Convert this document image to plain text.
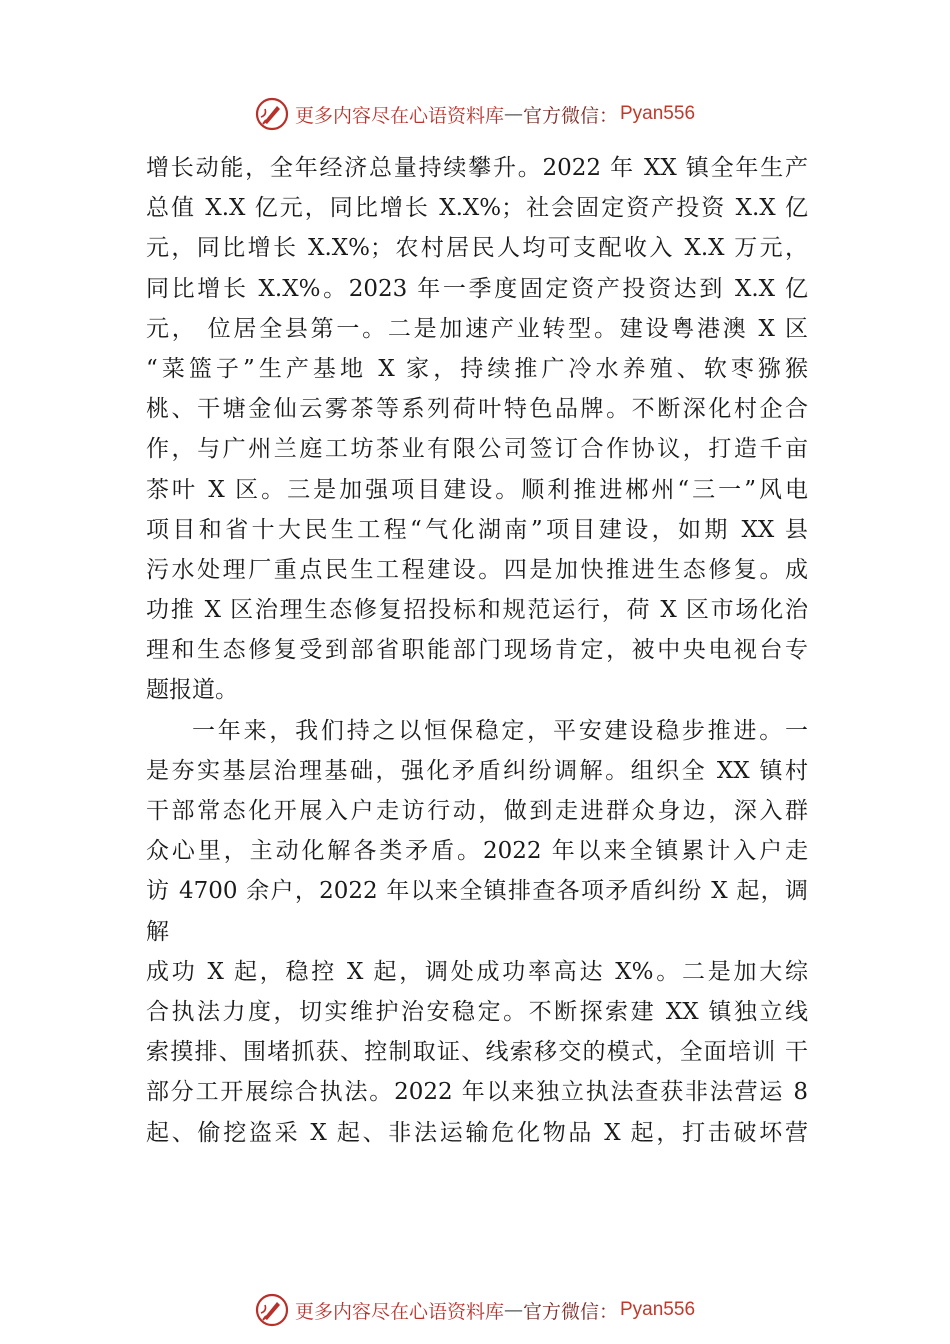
更多内容尽在心语资料库 — 官方微信： Pyan556
增长动能，全年经济总量持续攀升。2022 年 XX 镇全年生产
总值 X.X 亿元，同比增长 X.X%；社会固定资产投资 X.X 亿
元，同比增长 X.X%；农村居民人均可支配收入 X.X 万元，
同比增长 X.X%。2023 年一季度固定资产投资达到 X.X 亿
元， 位居全县第一。二是加速产业转型。建设粤港澳 X 区
“菜篮子”生产基地 X 家，持续推广冷水养殖、软枣猕猴
桃、干塘金仙云雾茶等系列荷叶特色品牌。不断深化村企合
作，与广州兰庭工坊茶业有限公司签订合作协议，打造千亩
茶叶 X 区。三是加强项目建设。顺利推进郴州“三一”风电
项目和省十大民生工程“气化湖南”项目建设，如期 XX 县
污水处理厂重点民生工程建设。四是加快推进生态修复。成
功推 X 区治理生态修复招投标和规范运行，荷 X 区市场化治
理和生态修复受到部省职能部门现场肯定，被中央电视台专
题报道。
一年来，我们持之以恒保稳定，平安建设稳步推进。一
是夯实基层治理基础，强化矛盾纠纷调解。组织全 XX 镇村
干部常态化开展入户走访行动，做到走进群众身边，深入群
众心里，主动化解各类矛盾。2022 年以来全镇累计入户走
访 4700 余户，2022 年以来全镇排查各项矛盾纠纷 X 起，调
解
成功 X 起，稳控 X 起，调处成功率高达 X%。二是加大综
合执法力度，切实维护治安稳定。不断探索建 XX 镇独立线
索摸排、围堵抓获、控制取证、线索移交的模式，全面培训 干
部分工开展综合执法。2022 年以来独立执法查获非法营运 8
起、偷挖盗采 X 起、非法运输危化物品 X 起，打击破坏营
更多内容尽在心语资料库 — 官方微信： Pyan556
